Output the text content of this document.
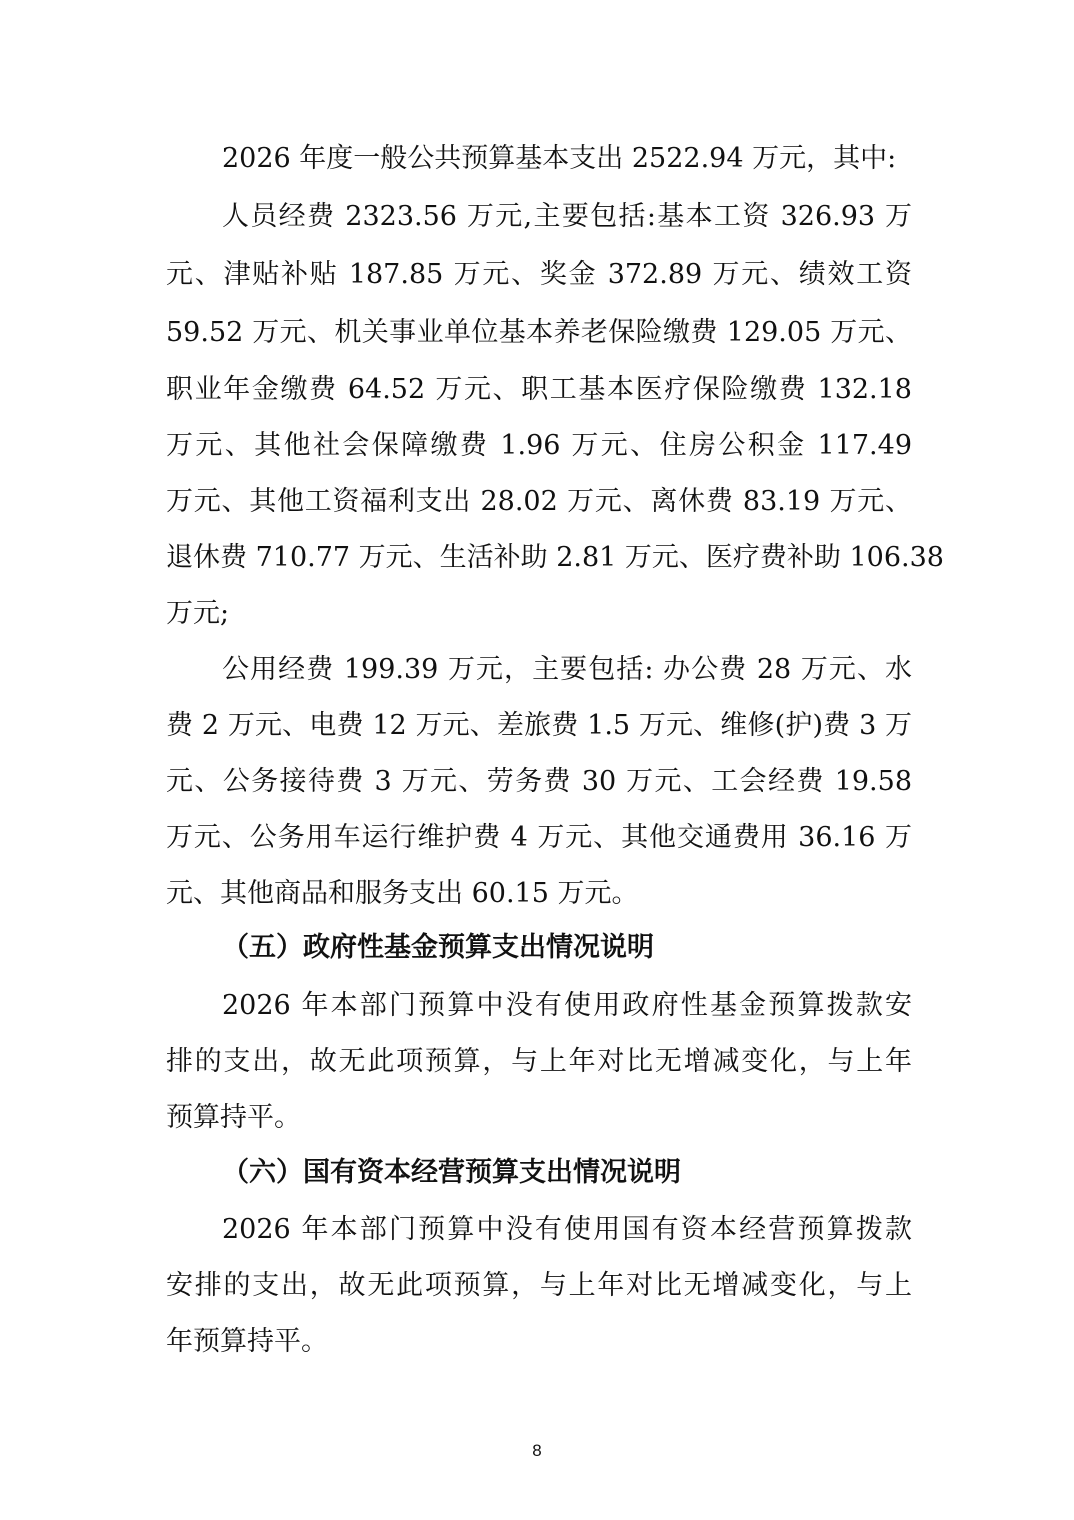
2026 年度一般公共预算基本支出 2522.94 万元，其中:
人员经费 2323.56 万元,主要包括:基本工资 326.93 万
元、津贴补贴 187.85 万元、奖金 372.89 万元、绩效工资
59.52 万元、机关事业单位基本养老保险缴费 129.05 万元、
职业年金缴费 64.52 万元、职工基本医疗保险缴费 132.18
万元、其他社会保障缴费 1.96 万元、住房公积金 117.49
万元、其他工资福利支出 28.02 万元、离休费 83.19 万元、
退休费 710.77 万元、生活补助 2.81 万元、医疗费补助 106.38
万元;
公用经费 199.39 万元，主要包括: 办公费 28 万元、水
费 2 万元、电费 12 万元、差旅费 1.5 万元、维修(护)费 3 万
元、公务接待费 3 万元、劳务费 30 万元、工会经费 19.58
万元、公务用车运行维护费 4 万元、其他交通费用 36.16 万
元、其他商品和服务支出 60.15 万元。
（五）政府性基金预算支出情况说明
2026 年本部门预算中没有使用政府性基金预算拨款安
排的支出，故无此项预算，与上年对比无增减变化，与上年
预算持平。
（六）国有资本经营预算支出情况说明
2026 年本部门预算中没有使用国有资本经营预算拨款
安排的支出，故无此项预算，与上年对比无增减变化，与上
年预算持平。
8
